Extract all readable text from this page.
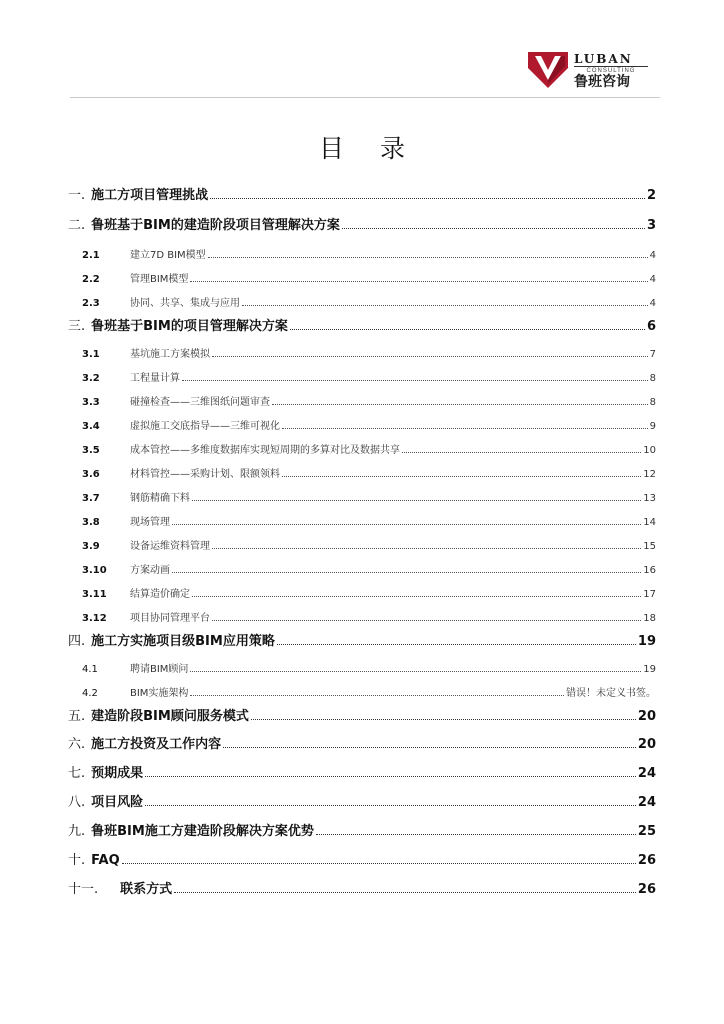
LUBAN
CONSULTING
鲁班咨询
目 录
一. 施工方项目管理挑战	2
二. 鲁班基于BIM的建造阶段项目管理解决方案	3
2.1	建立7D BIM模型	4
2.2	管理BIM模型	4
2.3	协同、共享、集成与应用	4
三. 鲁班基于BIM的项目管理解决方案	6
3.1	基坑施工方案模拟	7
3.2	工程量计算	8
3.3	碰撞检查——三维图纸问题审查	8
3.4	虚拟施工交底指导——三维可视化	9
3.5	成本管控——多维度数据库实现短周期的多算对比及数据共享	10
3.6	材料管控——采购计划、限额领料	12
3.7	钢筋精确下料	13
3.8	现场管理	14
3.9	设备运维资料管理	15
3.10	方案动画	16
3.11	结算造价确定	17
3.12	项目协同管理平台	18
四. 施工方实施项目级BIM应用策略	19
4.1	聘请BIM顾问	19
4.2	BIM实施架构	错误！未定义书签。
五. 建造阶段BIM顾问服务模式	20
六. 施工方投资及工作内容	20
七. 预期成果	24
八. 项目风险	24
九. 鲁班BIM施工方建造阶段解决方案优势	25
十. FAQ	26
十一. 联系方式	26
